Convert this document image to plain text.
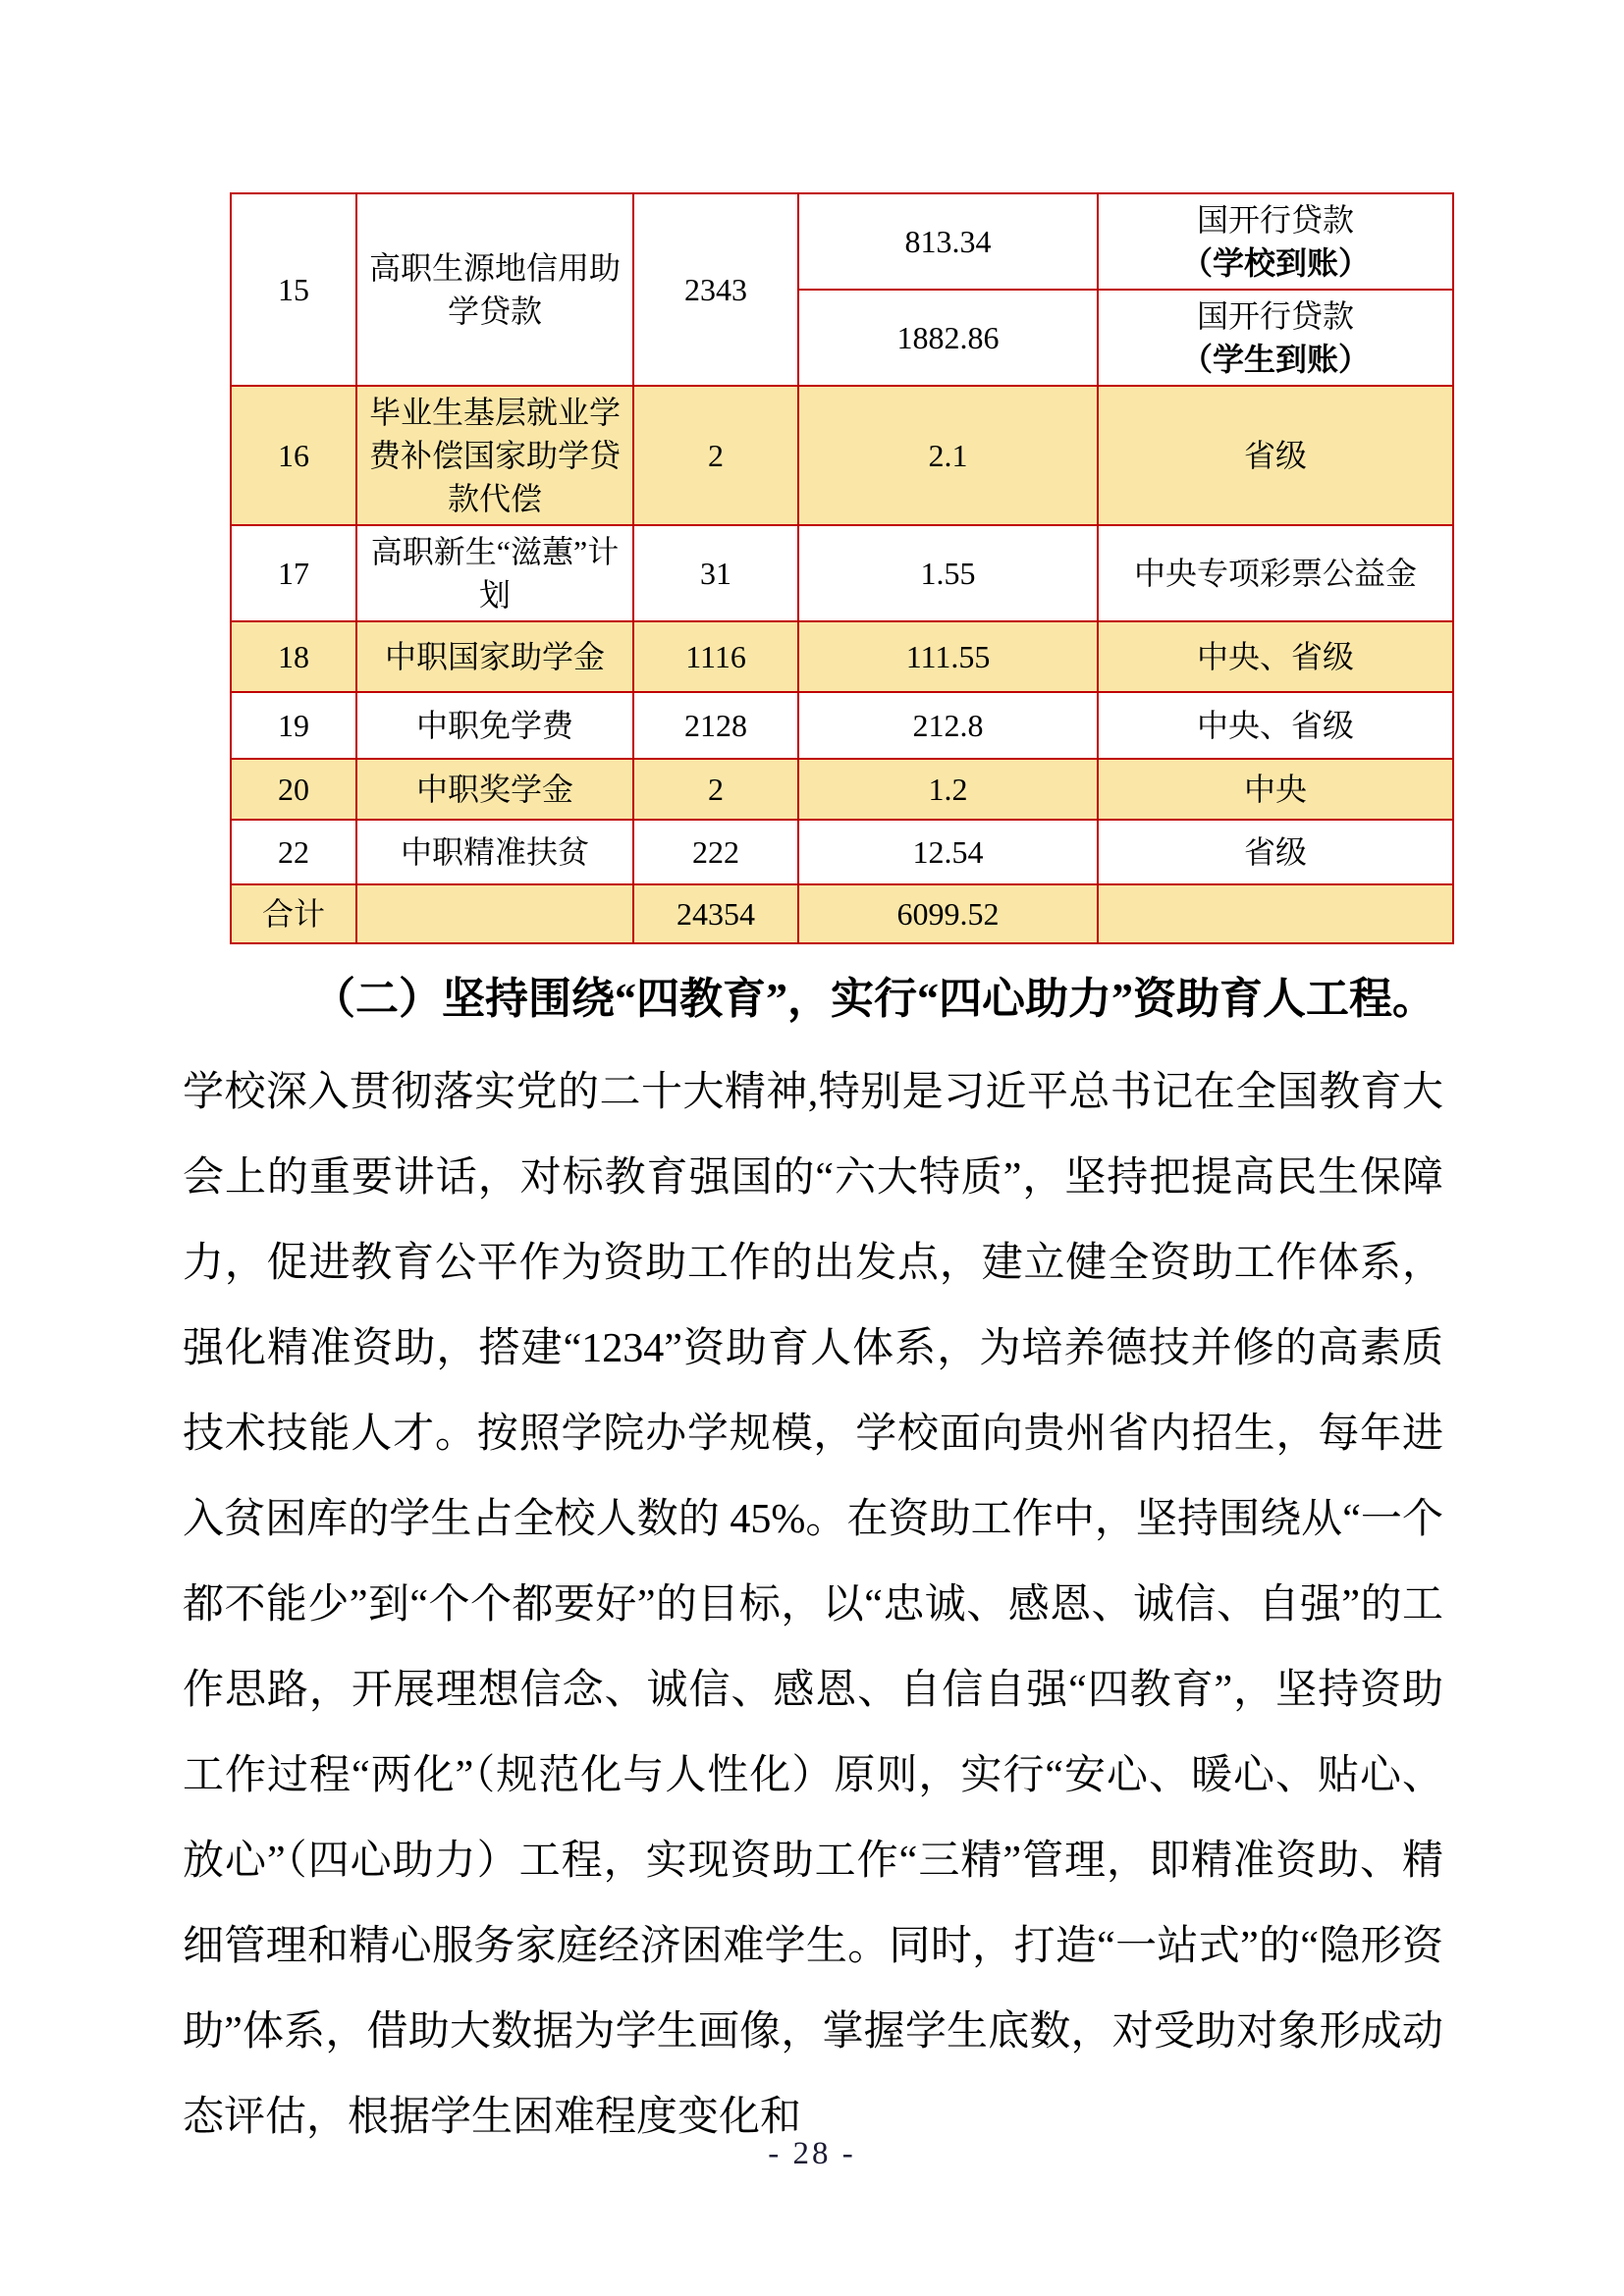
15	高职生源地信用助学贷款	2343	813.34	国开行贷款
（学校到账）

			1882.86	国开行贷款
（学生到账）

16	毕业生基层就业学费补偿国家助学贷款代偿	2	2.1	省级
17	高职新生“滋蕙”计划	31	1.55	中央专项彩票公益金
18	中职国家助学金	1116	111.55	中央、省级
19	中职免学费	2128	212.8	中央、省级
20	中职奖学金	2	1.2	中央
22	中职精准扶贫	222	12.54	省级
合计		24354	6099.52	
（二）坚持围绕“四教育”，实行“四心助力”资助育人工程。
学校深入贯彻落实党的二十大精神,特别是习近平总书记在全国教育大会上的重要讲话，对标教育强国的“六大特质”，坚持把提高民生保障力，促进教育公平作为资助工作的出发点，建立健全资助工作体系，强化精准资助，搭建“1234”资助育人体系，为培养德技并修的高素质技术技能人才。按照学院办学规模，学校面向贵州省内招生，每年进入贫困库的学生占全校人数的 45%。在资助工作中，坚持围绕从“一个都不能少”到“个个都要好”的目标，以“忠诚、感恩、诚信、自强”的工作思路，开展理想信念、诚信、感恩、自信自强“四教育”，坚持资助工作过程“两化”（规范化与人性化）原则，实行“安心、暖心、贴心、放心”（四心助力）工程，实现资助工作“三精”管理，即精准资助、精细管理和精心服务家庭经济困难学生。同时，打造“一站式”的“隐形资助”体系，借助大数据为学生画像，掌握学生底数，对受助对象形成动态评估，根据学生困难程度变化和
- 28 -
